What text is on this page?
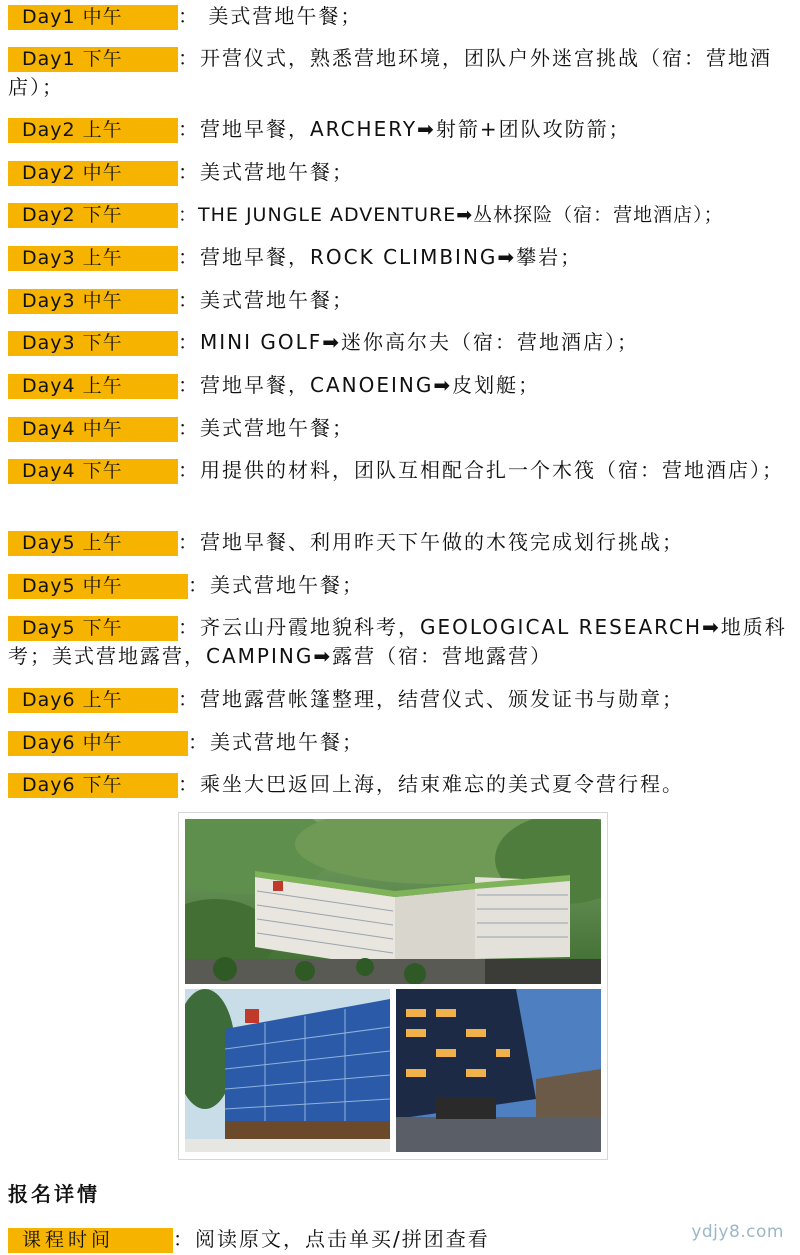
Day1 中午	： 美式营地午餐；
Day1 下午	：开营仪式，熟悉营地环境，团队户外迷宫挑战（宿：营地酒店）；
Day2 上午	：营地早餐，ARCHERY➡射箭+团队攻防箭；
Day2 中午	：美式营地午餐；
Day2 下午	：THE JUNGLE ADVENTURE➡丛林探险（宿：营地酒店）；
Day3 上午	：营地早餐，ROCK CLIMBING➡攀岩；
Day3 中午	：美式营地午餐；
Day3 下午	：MINI GOLF➡迷你高尔夫（宿：营地酒店）；
Day4 上午	：营地早餐，CANOEING➡皮划艇；
Day4 中午	：美式营地午餐；
Day4 下午	：用提供的材料，团队互相配合扎一个木筏（宿：营地酒店）；
Day5 上午	：营地早餐、利用昨天下午做的木筏完成划行挑战；
Day5 中午	：美式营地午餐；
Day5 下午	：齐云山丹霞地貌科考，GEOLOGICAL RESEARCH➡地质科考；美式营地露营，CAMPING➡露营（宿：营地露营）
Day6 上午	：营地露营帐篷整理，结营仪式、颁发证书与勋章；
Day6 中午	：美式营地午餐；
Day6 下午	：乘坐大巴返回上海，结束难忘的美式夏令营行程。
报名详情
课程时间	：阅读原文，点击单买/拼团查看	ydjy8.com
